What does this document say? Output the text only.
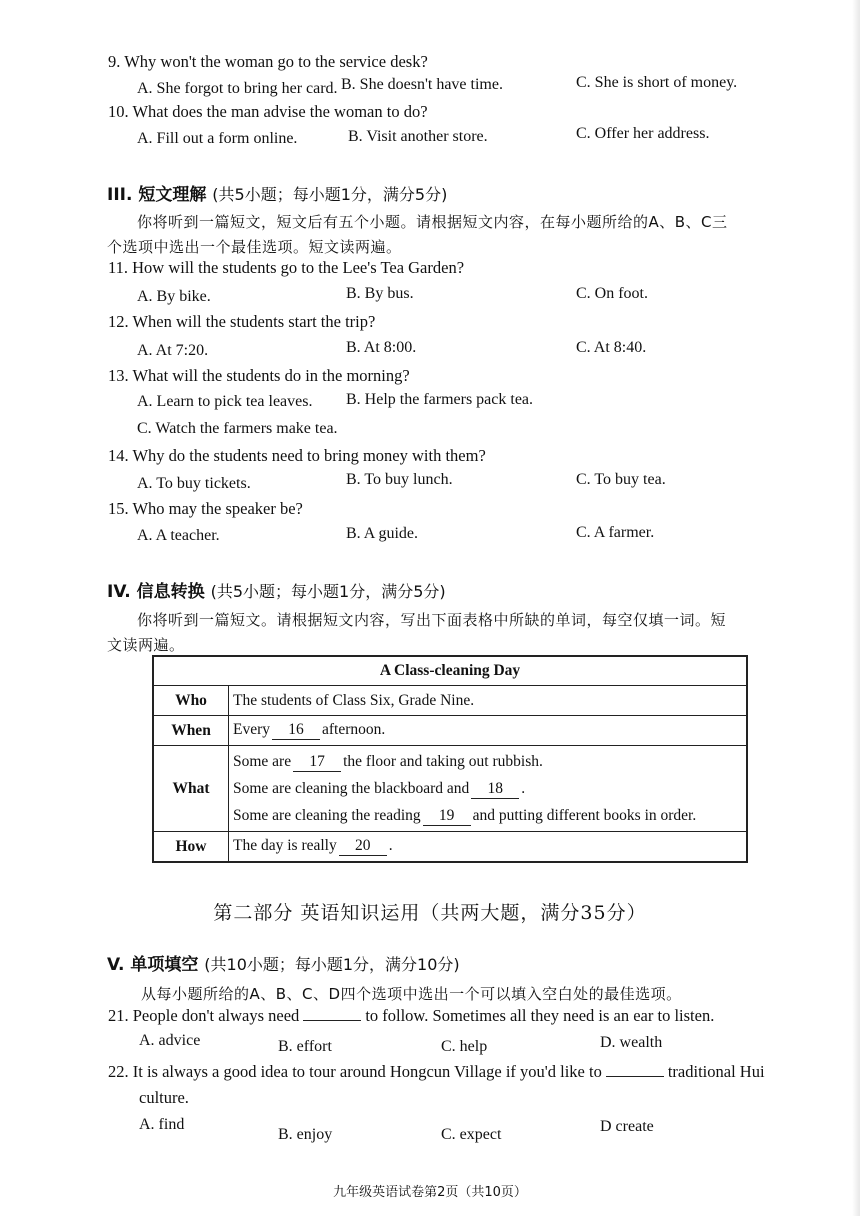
9. Why won't the woman go to the service desk?
A. She forgot to bring her card. B. She doesn't have time.	C. She is short of money.
10. What does the man advise the woman to do?
A. Fill out a form online.	B. Visit another store.	C. Offer her address.
III. 短文理解 (共5小题；每小题1分，满分5分)
你将听到一篇短文，短文后有五个小题。请根据短文内容，在每小题所给的A、B、C三
个选项中选出一个最佳选项。短文读两遍。
11. How will the students go to the Lee's Tea Garden?
A. By bike.	B. By bus.	C. On foot.
12. When will the students start the trip?
A. At 7:20.	B. At 8:00.	C. At 8:40.
13. What will the students do in the morning?
A. Learn to pick tea leaves. B. Help the farmers pack tea.
C. Watch the farmers make tea.
14. Why do the students need to bring money with them?
A. To buy tickets.	B. To buy lunch.	C. To buy tea.
15. Who may the speaker be?
A. A teacher.	B. A guide.	C. A farmer.
IV. 信息转换 (共5小题；每小题1分，满分5分)
你将听到一篇短文。请根据短文内容，写出下面表格中所缺的单词，每空仅填一词。短
文读两遍。
A Class-cleaning Day	
Who	The students of Class Six, Grade Nine.
When	Every 16 afternoon.
What	Some are 17 the floor and taking out rubbish.
Some are cleaning the blackboard and 18 .
Some are cleaning the reading 19 and putting different books in order.

How	The day is really 20 .
第二部分 英语知识运用（共两大题，满分35分）
V. 单项填空 (共10小题；每小题1分，满分10分)
从每小题所给的A、B、C、D四个选项中选出一个可以填入空白处的最佳选项。
21. People don't always need	to follow. Sometimes all they need is an ear to listen.
A. advice	B. effort	C. help	D. wealth
22. It is always a good idea to tour around Hongcun Village if you'd like to	traditional Hui
culture.
A. find
B. enjoy	C. expect	D create
九年级英语试卷第2页（共10页）
